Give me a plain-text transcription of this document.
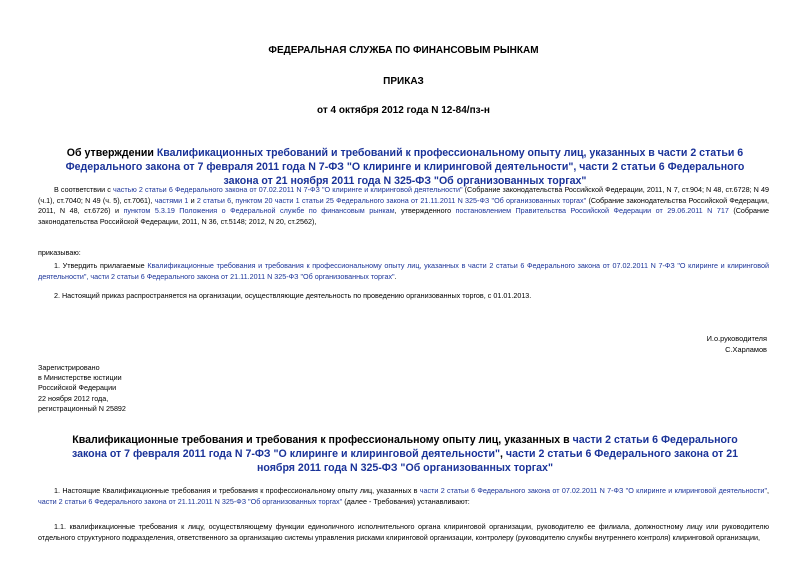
ФЕДЕРАЛЬНАЯ СЛУЖБА ПО ФИНАНСОВЫМ РЫНКАМ
ПРИКАЗ
от 4 октября 2012 года N 12-84/пз-н
Об утверждении Квалификационных требований и требований к профессиональному опыту лиц, указанных в части 2 статьи 6 Федерального закона от 7 февраля 2011 года N 7-ФЗ "О клиринге и клиринговой деятельности", части 2 статьи 6 Федерального закона от 21 ноября 2011 года N 325-ФЗ "Об организованных торгах"
В соответствии с частью 2 статьи 6 Федерального закона от 07.02.2011 N 7-ФЗ "О клиринге и клиринговой деятельности" (Собрание законодательства Российской Федерации, 2011, N 7, ст.904; N 48, ст.6728; N 49 (ч.1), ст.7040; N 49 (ч. 5), ст.7061), частями 1 и 2 статьи 6, пунктом 20 части 1 статьи 25 Федерального закона от 21.11.2011 N 325-ФЗ "Об организованных торгах" (Собрание законодательства Российской Федерации, 2011, N 48, ст.6726) и пунктом 5.3.19 Положения о Федеральной службе по финансовым рынкам, утвержденного постановлением Правительства Российской Федерации от 29.06.2011 N 717 (Собрание законодательства Российской Федерации, 2011, N 36, ст.5148; 2012, N 20, ст.2562),
приказываю:
1. Утвердить прилагаемые Квалификационные требования и требования к профессиональному опыту лиц, указанных в части 2 статьи 6 Федерального закона от 07.02.2011 N 7-ФЗ "О клиринге и клиринговой деятельности", части 2 статьи 6 Федерального закона от 21.11.2011 N 325-ФЗ "Об организованных торгах".
2. Настоящий приказ распространяется на организации, осуществляющие деятельность по проведению организованных торгов, с 01.01.2013.
И.о.руководителя
С.Харламов
Зарегистрировано
в Министерстве юстиции
Российской Федерации
22 ноября 2012 года,
регистрационный N 25892
Квалификационные требования и требования к профессиональному опыту лиц, указанных в части 2 статьи 6 Федерального закона от 7 февраля 2011 года N 7-ФЗ "О клиринге и клиринговой деятельности", части 2 статьи 6 Федерального закона от 21 ноября 2011 года N 325-ФЗ "Об организованных торгах"
1. Настоящие Квалификационные требования и требования к профессиональному опыту лиц, указанных в части 2 статьи 6 Федерального закона от 07.02.2011 N 7-ФЗ "О клиринге и клиринговой деятельности", части 2 статьи 6 Федерального закона от 21.11.2011 N 325-ФЗ "Об организованных торгах" (далее - Требования) устанавливают:
1.1. квалификационные требования к лицу, осуществляющему функции единоличного исполнительного органа клиринговой организации, руководителю ее филиала, должностному лицу или руководителю отдельного структурного подразделения, ответственного за организацию системы управления рисками клиринговой организации, контролеру (руководителю службы внутреннего контроля) клиринговой организации,
